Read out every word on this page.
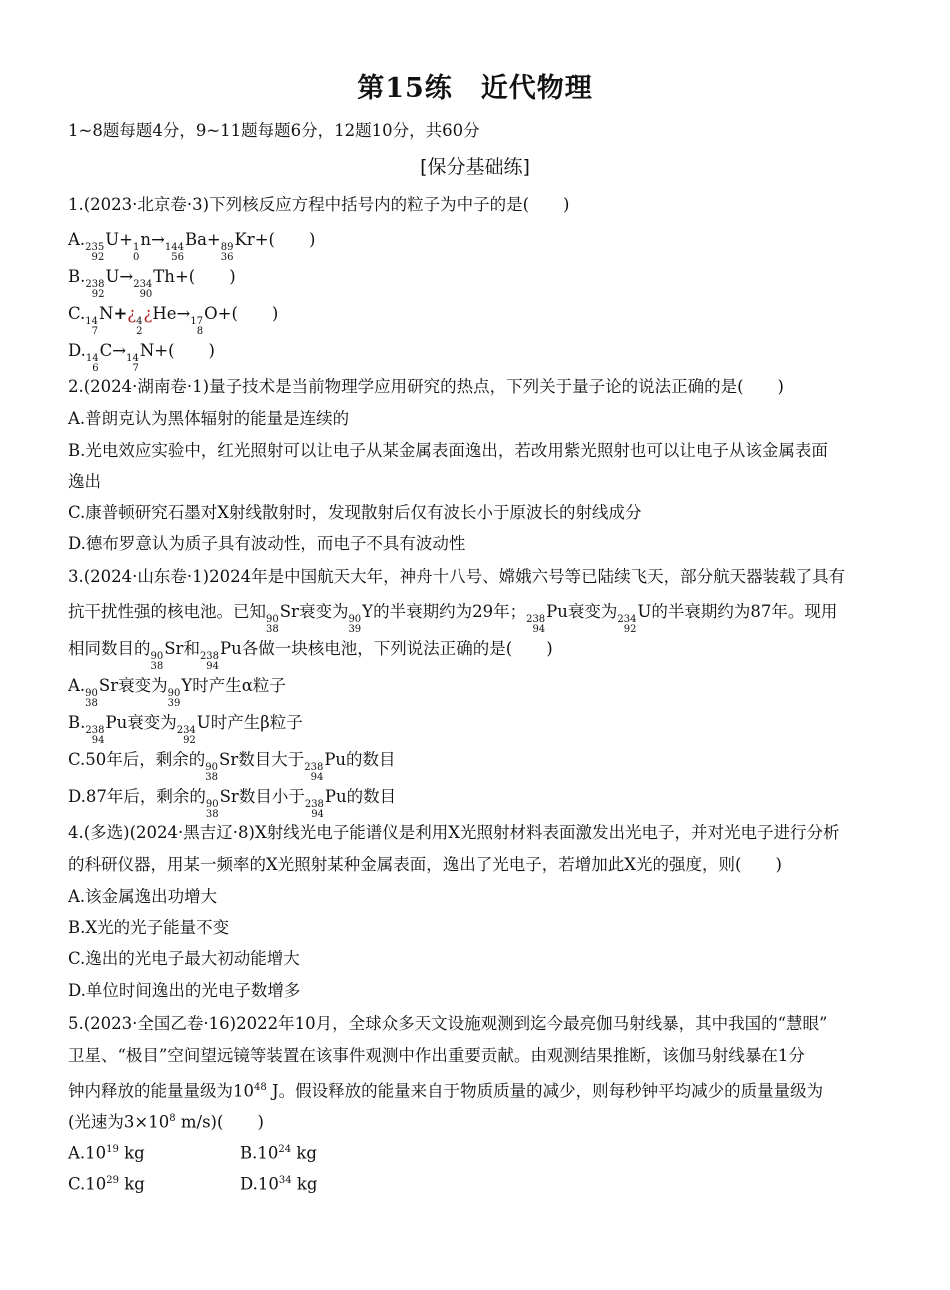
第15练 近代物理
1~8题每题4分，9~11题每题6分，12题10分，共60分
[保分基础练]
1.(2023·北京卷·3)下列核反应方程中括号内的粒子为中子的是( )
A. 235
92
U+ 1
0
n→ 144
56
Ba+ 89
36
Kr+( )
B. 238
92
U→ 234
90
Th+( )
C. 14
7
N+¿ 4
2
¿He→ 17
8
O+( )
D. 14
6
C→ 14
7
N+( )
2.(2024·湖南卷·1)量子技术是当前物理学应用研究的热点，下列关于量子论的说法正确的是( )
A.普朗克认为黑体辐射的能量是连续的
B.光电效应实验中，红光照射可以让电子从某金属表面逸出，若改用紫光照射也可以让电子从该金属表面
逸出
C.康普顿研究石墨对X射线散射时，发现散射后仅有波长小于原波长的射线成分
D.德布罗意认为质子具有波动性，而电子不具有波动性
3.(2024·山东卷·1)2024年是中国航天大年，神舟十八号、嫦娥六号等已陆续飞天，部分航天器装载了具有
抗干扰性强的核电池。已知 90
38
Sr衰变为 90
39
Y的半衰期约为29年； 238
94
Pu衰变为 234
92
U的半衰期约为87年。现用
相同数目的 90
38
Sr和 238
94
Pu各做一块核电池，下列说法正确的是( )
A. 90
38
Sr衰变为 90
39
Y时产生α粒子
B. 238
94
Pu衰变为 234
92
U时产生β粒子
C.50年后，剩余的 90
38
Sr数目大于 238
94
Pu的数目
D.87年后，剩余的 90
38
Sr数目小于 238
94
Pu的数目
4.(多选)(2024·黑吉辽·8)X射线光电子能谱仪是利用X光照射材料表面激发出光电子，并对光电子进行分析
的科研仪器，用某一频率的X光照射某种金属表面，逸出了光电子，若增加此X光的强度，则( )
A.该金属逸出功增大
B.X光的光子能量不变
C.逸出的光电子最大初动能增大
D.单位时间逸出的光电子数增多
5.(2023·全国乙卷·16)2022年10月，全球众多天文设施观测到迄今最亮伽马射线暴，其中我国的“慧眼”
卫星、“极目”空间望远镜等装置在该事件观测中作出重要贡献。由观测结果推断，该伽马射线暴在1分
钟内释放的能量量级为$10^{48}$ J。假设释放的能量来自于物质质量的减少，则每秒钟平均减少的质量量级为
(光速为$3\times 10^8$ m/s)( )
$A.10^{19}$ kg	$B.10^{24}$ kg
$C.10^{29}$ kg	$D.10^{34}$ kg
